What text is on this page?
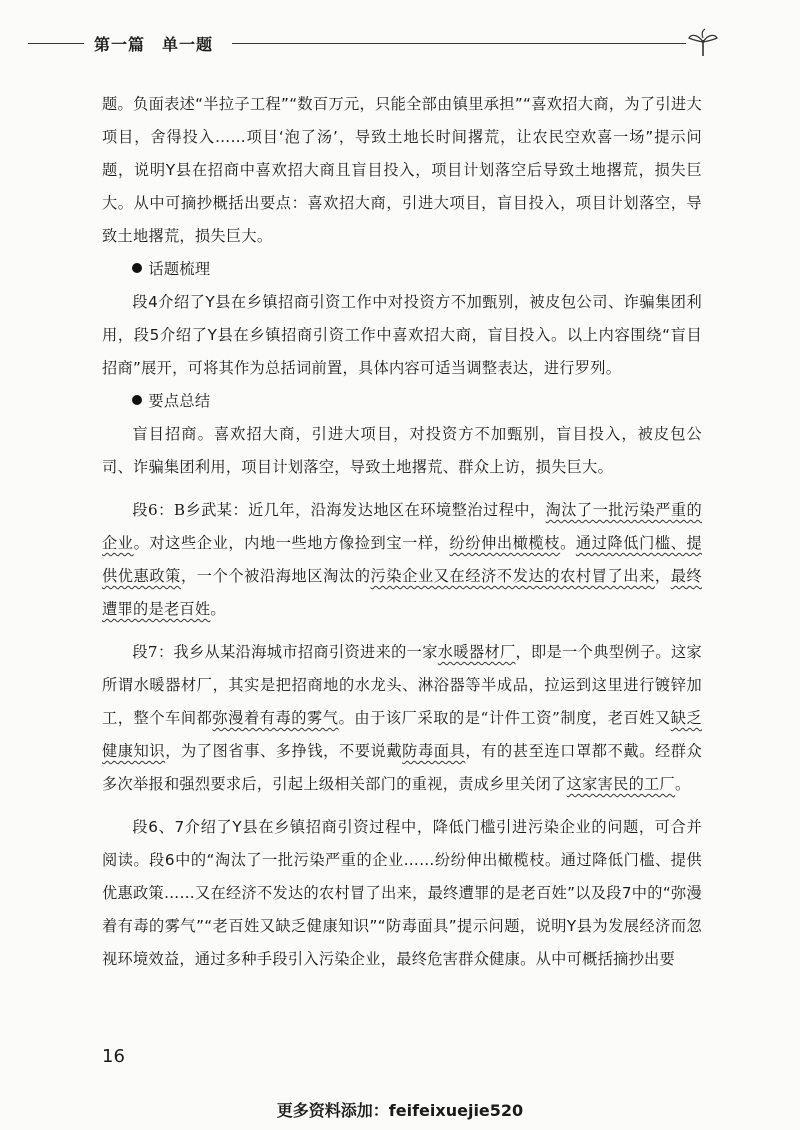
第一篇　单一题

题。负面表述“半拉子工程”“数百万元，只能全部由镇里承担”“喜欢招大商，为了引进大项目，舍得投入……项目‘泡了汤’，导致土地长时间撂荒，让农民空欢喜一场”提示问题，说明Y县在招商中喜欢招大商且盲目投入，项目计划落空后导致土地撂荒，损失巨大。从中可摘抄概括出要点：喜欢招大商，引进大项目，盲目投入，项目计划落空，导致土地撂荒，损失巨大。

话题梳理

段4介绍了Y县在乡镇招商引资工作中对投资方不加甄别，被皮包公司、诈骗集团利用，段5介绍了Y县在乡镇招商引资工作中喜欢招大商，盲目投入。以上内容围绕“盲目招商”展开，可将其作为总括词前置，具体内容可适当调整表达，进行罗列。

要点总结

盲目招商。喜欢招大商，引进大项目，对投资方不加甄别，盲目投入，被皮包公司、诈骗集团利用，项目计划落空，导致土地撂荒、群众上访，损失巨大。

段6：B乡武某：近几年，沿海发达地区在环境整治过程中，淘汰了一批污染严重的企业。对这些企业，内地一些地方像捡到宝一样，纷纷伸出橄榄枝。通过降低门槛、提供优惠政策，一个个被沿海地区淘汰的污染企业又在经济不发达的农村冒了出来，最终遭罪的是老百姓。

段7：我乡从某沿海城市招商引资进来的一家水暖器材厂，即是一个典型例子。这家所谓水暖器材厂，其实是把招商地的水龙头、淋浴器等半成品，拉运到这里进行镀锌加工，整个车间都弥漫着有毒的雾气。由于该厂采取的是“计件工资”制度，老百姓又缺乏健康知识，为了图省事、多挣钱，不要说戴防毒面具，有的甚至连口罩都不戴。经群众多次举报和强烈要求后，引起上级相关部门的重视，责成乡里关闭了这家害民的工厂。

段6、7介绍了Y县在乡镇招商引资过程中，降低门槛引进污染企业的问题，可合并阅读。段6中的“淘汰了一批污染严重的企业……纷纷伸出橄榄枝。通过降低门槛、提供优惠政策……又在经济不发达的农村冒了出来，最终遭罪的是老百姓”以及段7中的“弥漫着有毒的雾气”“老百姓又缺乏健康知识”“防毒面具”提示问题，说明Y县为发展经济而忽视环境效益，通过多种手段引入污染企业，最终危害群众健康。从中可概括摘抄出要

16
更多资料添加：feifeixuejie520
